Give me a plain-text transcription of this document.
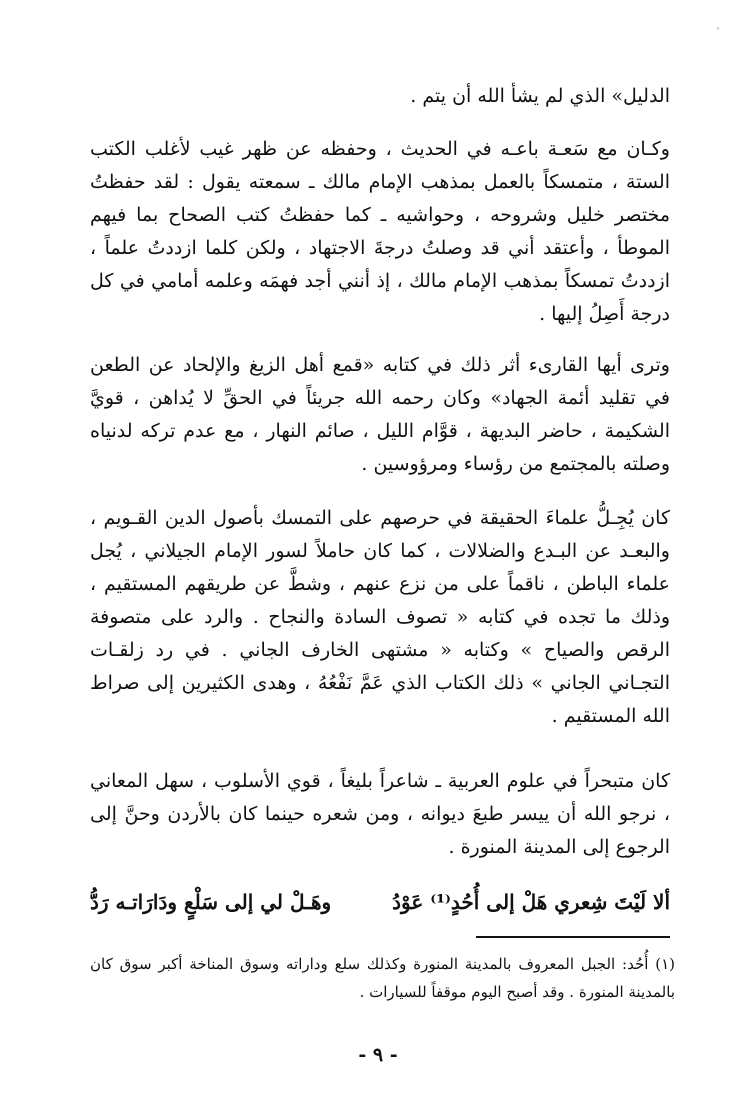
`

الدليل» الذي لم يشأ الله أن يتم .

وكـان مع سَعـة باعـه في الحديث ، وحفظه عن ظهر غيب لأغلب الكتب الستة ، متمسكاً بالعمل بمذهب الإمام مالك ـ سمعته يقول : لقد حفظتُ مختصر خليل وشروحه ، وحواشيه ـ كما حفظتُ كتب الصحاح بما فيهم الموطأ ، وأعتقد أني قد وصلتُ درجةَ الاجتهاد ، ولكن كلما ازددتُ علماً ، ازددتُ تمسكاً بمذهب الإمام مالك ، إذ أنني أجد فهمَه وعلمه أمامي في كل درجة أَصِلُ إليها .

وترى أيها القارىء أثر ذلك في كتابه «قمع أهل الزيغ والإلحاد عن الطعن في تقليد أئمة الجهاد» وكان رحمه الله جريئاً في الحقِّ لا يُداهن ، قويَّ الشكيمة ، حاضر البديهة ، قوَّام الليل ، صائم النهار ، مع عدم تركه لدنياه وصلته بالمجتمع من رؤساء ومرؤوسين .

كان يُجِـلُّ علماءَ الحقيقة في حرصهم على التمسك بأصول الدين القـويم ، والبعـد عن البـدع والضلالات ، كما كان حاملاً لسور الإمام الجيلاني ، يُجل علماء الباطن ، ناقماً على من نزع عنهم ، وشطَّ عن طريقهم المستقيم ، وذلك ما تجده في كتابه « تصوف السادة والنجاح . والرد على متصوفة الرقص والصياح » وكتابه « مشتهى الخارف الجاني . في رد زلقـات التجـاني الجاني » ذلك الكتاب الذي عَمَّ نَفْعُهُ ، وهدى الكثيرين إلى صراط الله المستقيم .

كان متبحراً في علوم العربية ـ شاعراً بليغاً ، قوي الأسلوب ، سهل المعاني ، نرجو الله أن ييسر طبعَ ديوانه ، ومن شعره حينما كان بالأردن وحنَّ إلى الرجوع إلى المدينة المنورة .

ألا لَيْتَ شِعري هَلْ إلى أُحُدٍ⁽¹⁾ عَوْدُ
وهَـلْ لي إلى سَلْعٍ ودَارَاتـه رَدُّ

(١) أُحُد: الجبل المعروف بالمدينة المنورة وكذلك سلع وداراته وسوق المناخة أكبر سوق كان بالمدينة المنورة . وقد أصبح اليوم موقفاً للسيارات .

- ٩ -
